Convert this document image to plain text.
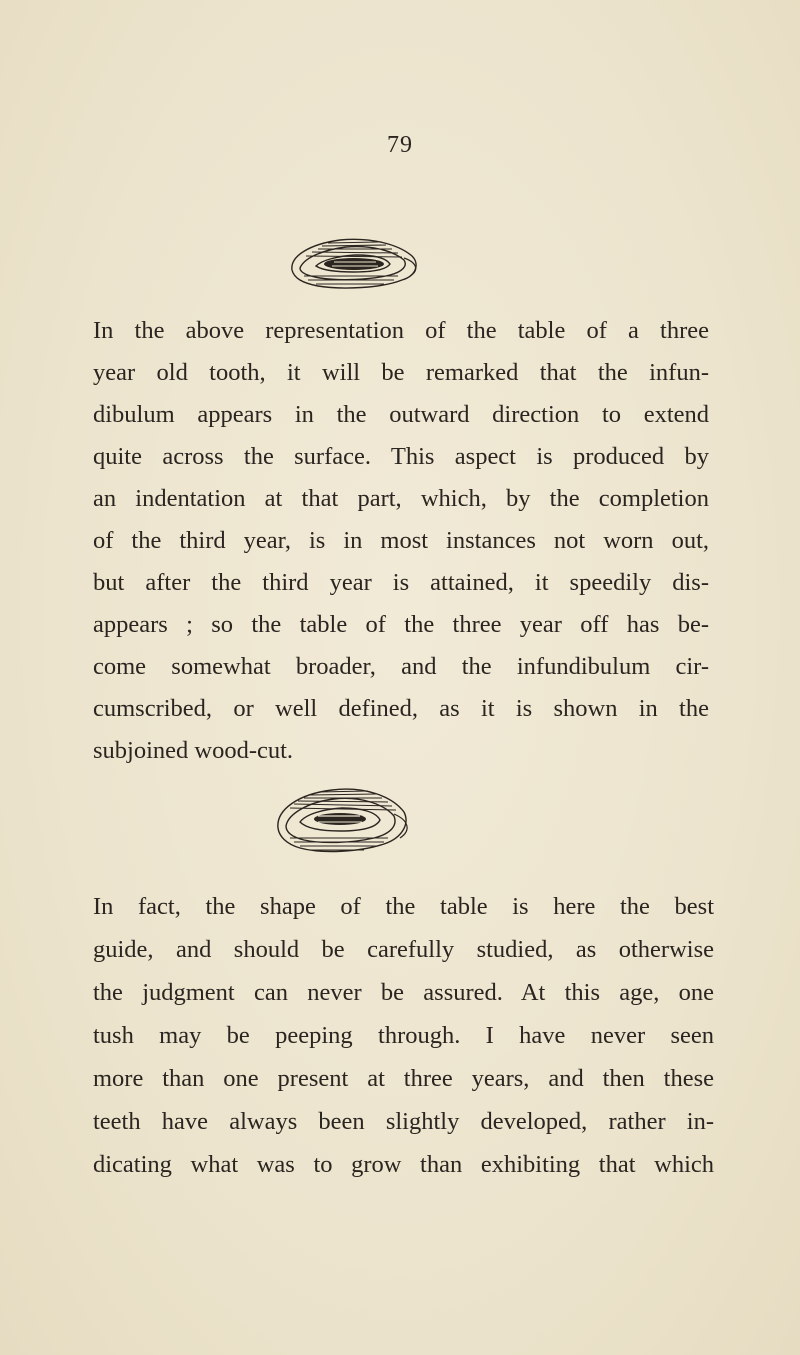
79
In the above representation of the table of a three
year old tooth, it will be remarked that the infun-
dibulum appears in the outward direction to extend
quite across the surface. This aspect is produced by
an indentation at that part, which, by the completion
of the third year, is in most instances not worn out,
but after the third year is attained, it speedily dis-
appears ; so the table of the three year off has be-
come somewhat broader, and the infundibulum cir-
cumscribed, or well defined, as it is shown in the
subjoined wood-cut.
In fact, the shape of the table is here the best
guide, and should be carefully studied, as otherwise
the judgment can never be assured. At this age, one
tush may be peeping through. I have never seen
more than one present at three years, and then these
teeth have always been slightly developed, rather in-
dicating what was to grow than exhibiting that which
